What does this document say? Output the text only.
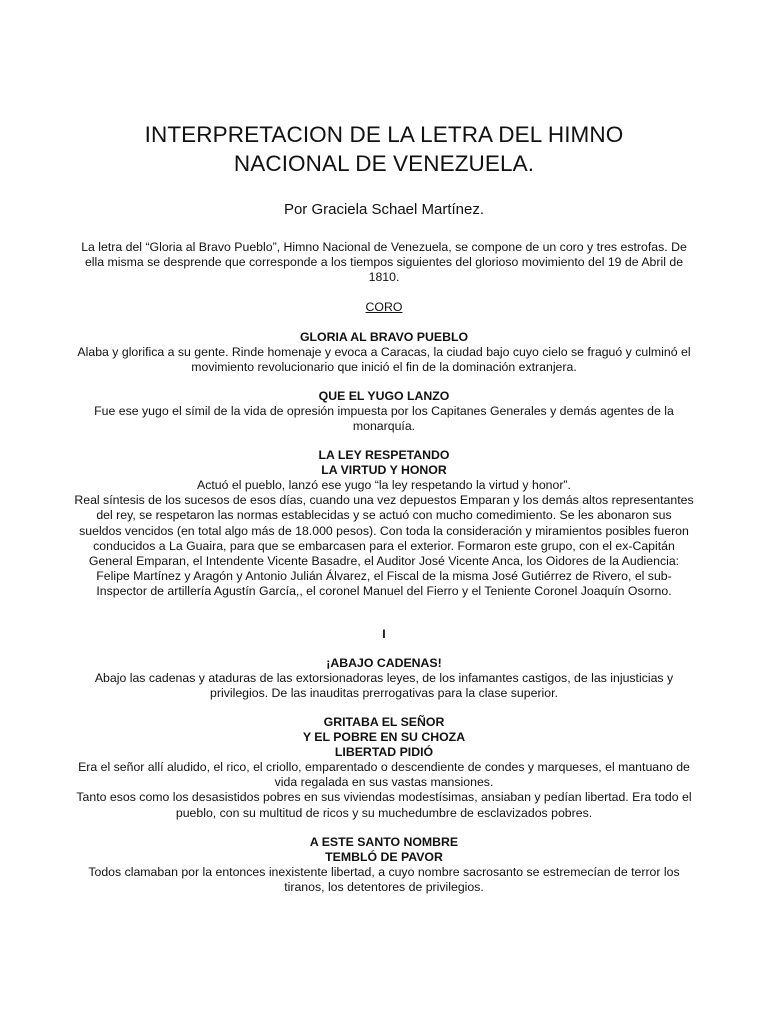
INTERPRETACION DE LA LETRA DEL HIMNO
NACIONAL DE VENEZUELA.
Por Graciela Schael Martínez.

La letra del “Gloria al Bravo Pueblo”, Himno Nacional de Venezuela, se compone de un coro y tres estrofas. De ella misma se desprende que corresponde a los tiempos siguientes del glorioso movimiento del 19 de Abril de 1810.

CORO

GLORIA AL BRAVO PUEBLO

Alaba y glorifica a su gente. Rinde homenaje y evoca a Caracas, la ciudad bajo cuyo cielo se fraguó y culminó el movimiento revolucionario que inició el fin de la dominación extranjera.

QUE EL YUGO LANZO

Fue ese yugo el símil de la vida de opresión impuesta por los Capitanes Generales y demás agentes de la monarquía.

LA LEY RESPETANDO

LA VIRTUD Y HONOR

Actuó el pueblo, lanzó ese yugo “la ley respetando la virtud y honor”.

Real síntesis de los sucesos de esos días, cuando una vez depuestos Emparan y los demás altos representantes del rey, se respetaron las normas establecidas y se actuó con mucho comedimiento. Se les abonaron sus sueldos vencidos (en total algo más de 18.000 pesos). Con toda la consideración y miramientos posibles fueron conducidos a La Guaira, para que se embarcasen para el exterior. Formaron este grupo, con el ex-Capitán General Emparan, el Intendente Vicente Basadre, el Auditor José Vicente Anca, los Oidores de la Audiencia: Felipe Martínez y Aragón y Antonio Julián Álvarez, el Fiscal de la misma José Gutiérrez de Rivero, el sub-Inspector de artillería Agustín García,, el coronel Manuel del Fierro y el Teniente Coronel Joaquín Osorno.

I

¡ABAJO CADENAS!

Abajo las cadenas y ataduras de las extorsionadoras leyes, de los infamantes castigos, de las injusticias y privilegios. De las inauditas prerrogativas para la clase superior.

GRITABA EL SEÑOR

Y EL POBRE EN SU CHOZA

LIBERTAD PIDIÓ

Era el señor allí aludido, el rico, el criollo, emparentado o descendiente de condes y marqueses, el mantuano de vida regalada en sus vastas mansiones.

Tanto esos como los desasistidos pobres en sus viviendas modestísimas, ansiaban y pedían libertad. Era todo el pueblo, con su multitud de ricos y su muchedumbre de esclavizados pobres.

A ESTE SANTO NOMBRE

TEMBLÓ DE PAVOR

Todos clamaban por la entonces inexistente libertad, a cuyo nombre sacrosanto se estremecían de terror los tiranos, los detentores de privilegios.
